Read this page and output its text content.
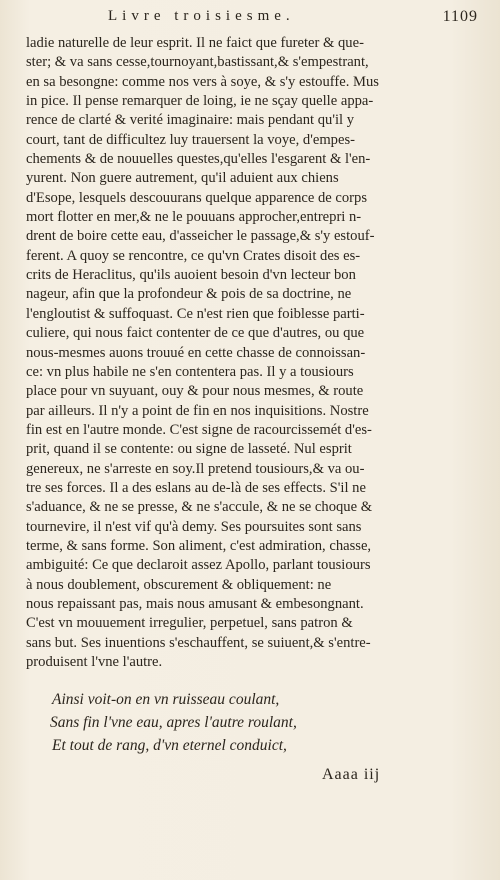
Livre troisiesme.	1109
ladie naturelle de leur esprit. Il ne faict que fureter & que-
ster; & va sans cesse,tournoyant,bastissant,& s'empestrant,
en sa besongne: comme nos vers à soye, & s'y estouffe. Mus
in pice. Il pense remarquer de loing, ie ne sçay quelle appa-
rence de clarté & verité imaginaire: mais pendant qu'il y
court, tant de difficultez luy trauersent la voye, d'empes-
chements & de nouuelles questes,qu'elles l'esgarent & l'en-
yurent. Non guere autrement, qu'il aduient aux chiens
d'Esope, lesquels descouurans quelque apparence de corps
mort flotter en mer,& ne le pouuans approcher,entrepri n-
drent de boire cette eau, d'asseicher le passage,& s'y estouf-
ferent. A quoy se rencontre, ce qu'vn Crates disoit des es-
crits de Heraclitus, qu'ils auoient besoin d'vn lecteur bon
nageur, afin que la profondeur & pois de sa doctrine, ne
l'engloutist & suffoquast. Ce n'est rien que foiblesse parti-
culiere, qui nous faict contenter de ce que d'autres, ou que
nous-mesmes auons trouué en cette chasse de connoissan-
ce: vn plus habile ne s'en contentera pas. Il y a tousiours
place pour vn suyuant, ouy & pour nous mesmes, & route
par ailleurs. Il n'y a point de fin en nos inquisitions. Nostre
fin est en l'autre monde. C'est signe de racourcissemét d'es-
prit, quand il se contente: ou signe de lasseté. Nul esprit
genereux, ne s'arreste en soy.Il pretend tousiours,& va ou-
tre ses forces. Il a des eslans au de-là de ses effects. S'il ne
s'aduance, & ne se presse, & ne s'accule, & ne se choque &
tournevire, il n'est vif qu'à demy. Ses poursuites sont sans
terme, & sans forme. Son aliment, c'est admiration, chasse,
ambiguité: Ce que declaroit assez Apollo, parlant tousiours
à nous doublement, obscurement & obliquement: ne
nous repaissant pas, mais nous amusant & embesongnant.
C'est vn mouuement irregulier, perpetuel, sans patron &
sans but. Ses inuentions s'eschauffent, se suiuent,& s'entre-
produisent l'vne l'autre.
Ainsi voit-on en vn ruisseau coulant,
Sans fin l'vne eau, apres l'autre roulant,
Et tout de rang, d'vn eternel conduict,
Aaaa iij
